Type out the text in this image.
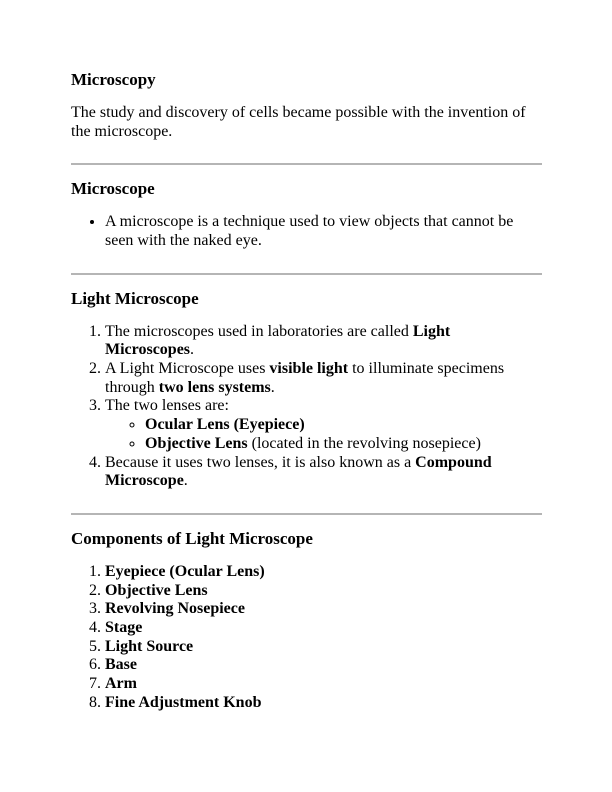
Microscopy

The study and discovery of cells became possible with the invention of the microscope.

Microscope
• A microscope is a technique used to view objects that cannot be seen with the naked eye.
Light Microscope
1. The microscopes used in laboratories are called Light Microscopes.
2. A Light Microscope uses visible light to illuminate specimens through two lens systems.
3. The two lenses are:
◦ Ocular Lens (Eyepiece)
◦ Objective Lens (located in the revolving nosepiece)
4. Because it uses two lenses, it is also known as a Compound Microscope.
Components of Light Microscope
1. Eyepiece (Ocular Lens)
2. Objective Lens
3. Revolving Nosepiece
4. Stage
5. Light Source
6. Base
7. Arm
8. Fine Adjustment Knob
